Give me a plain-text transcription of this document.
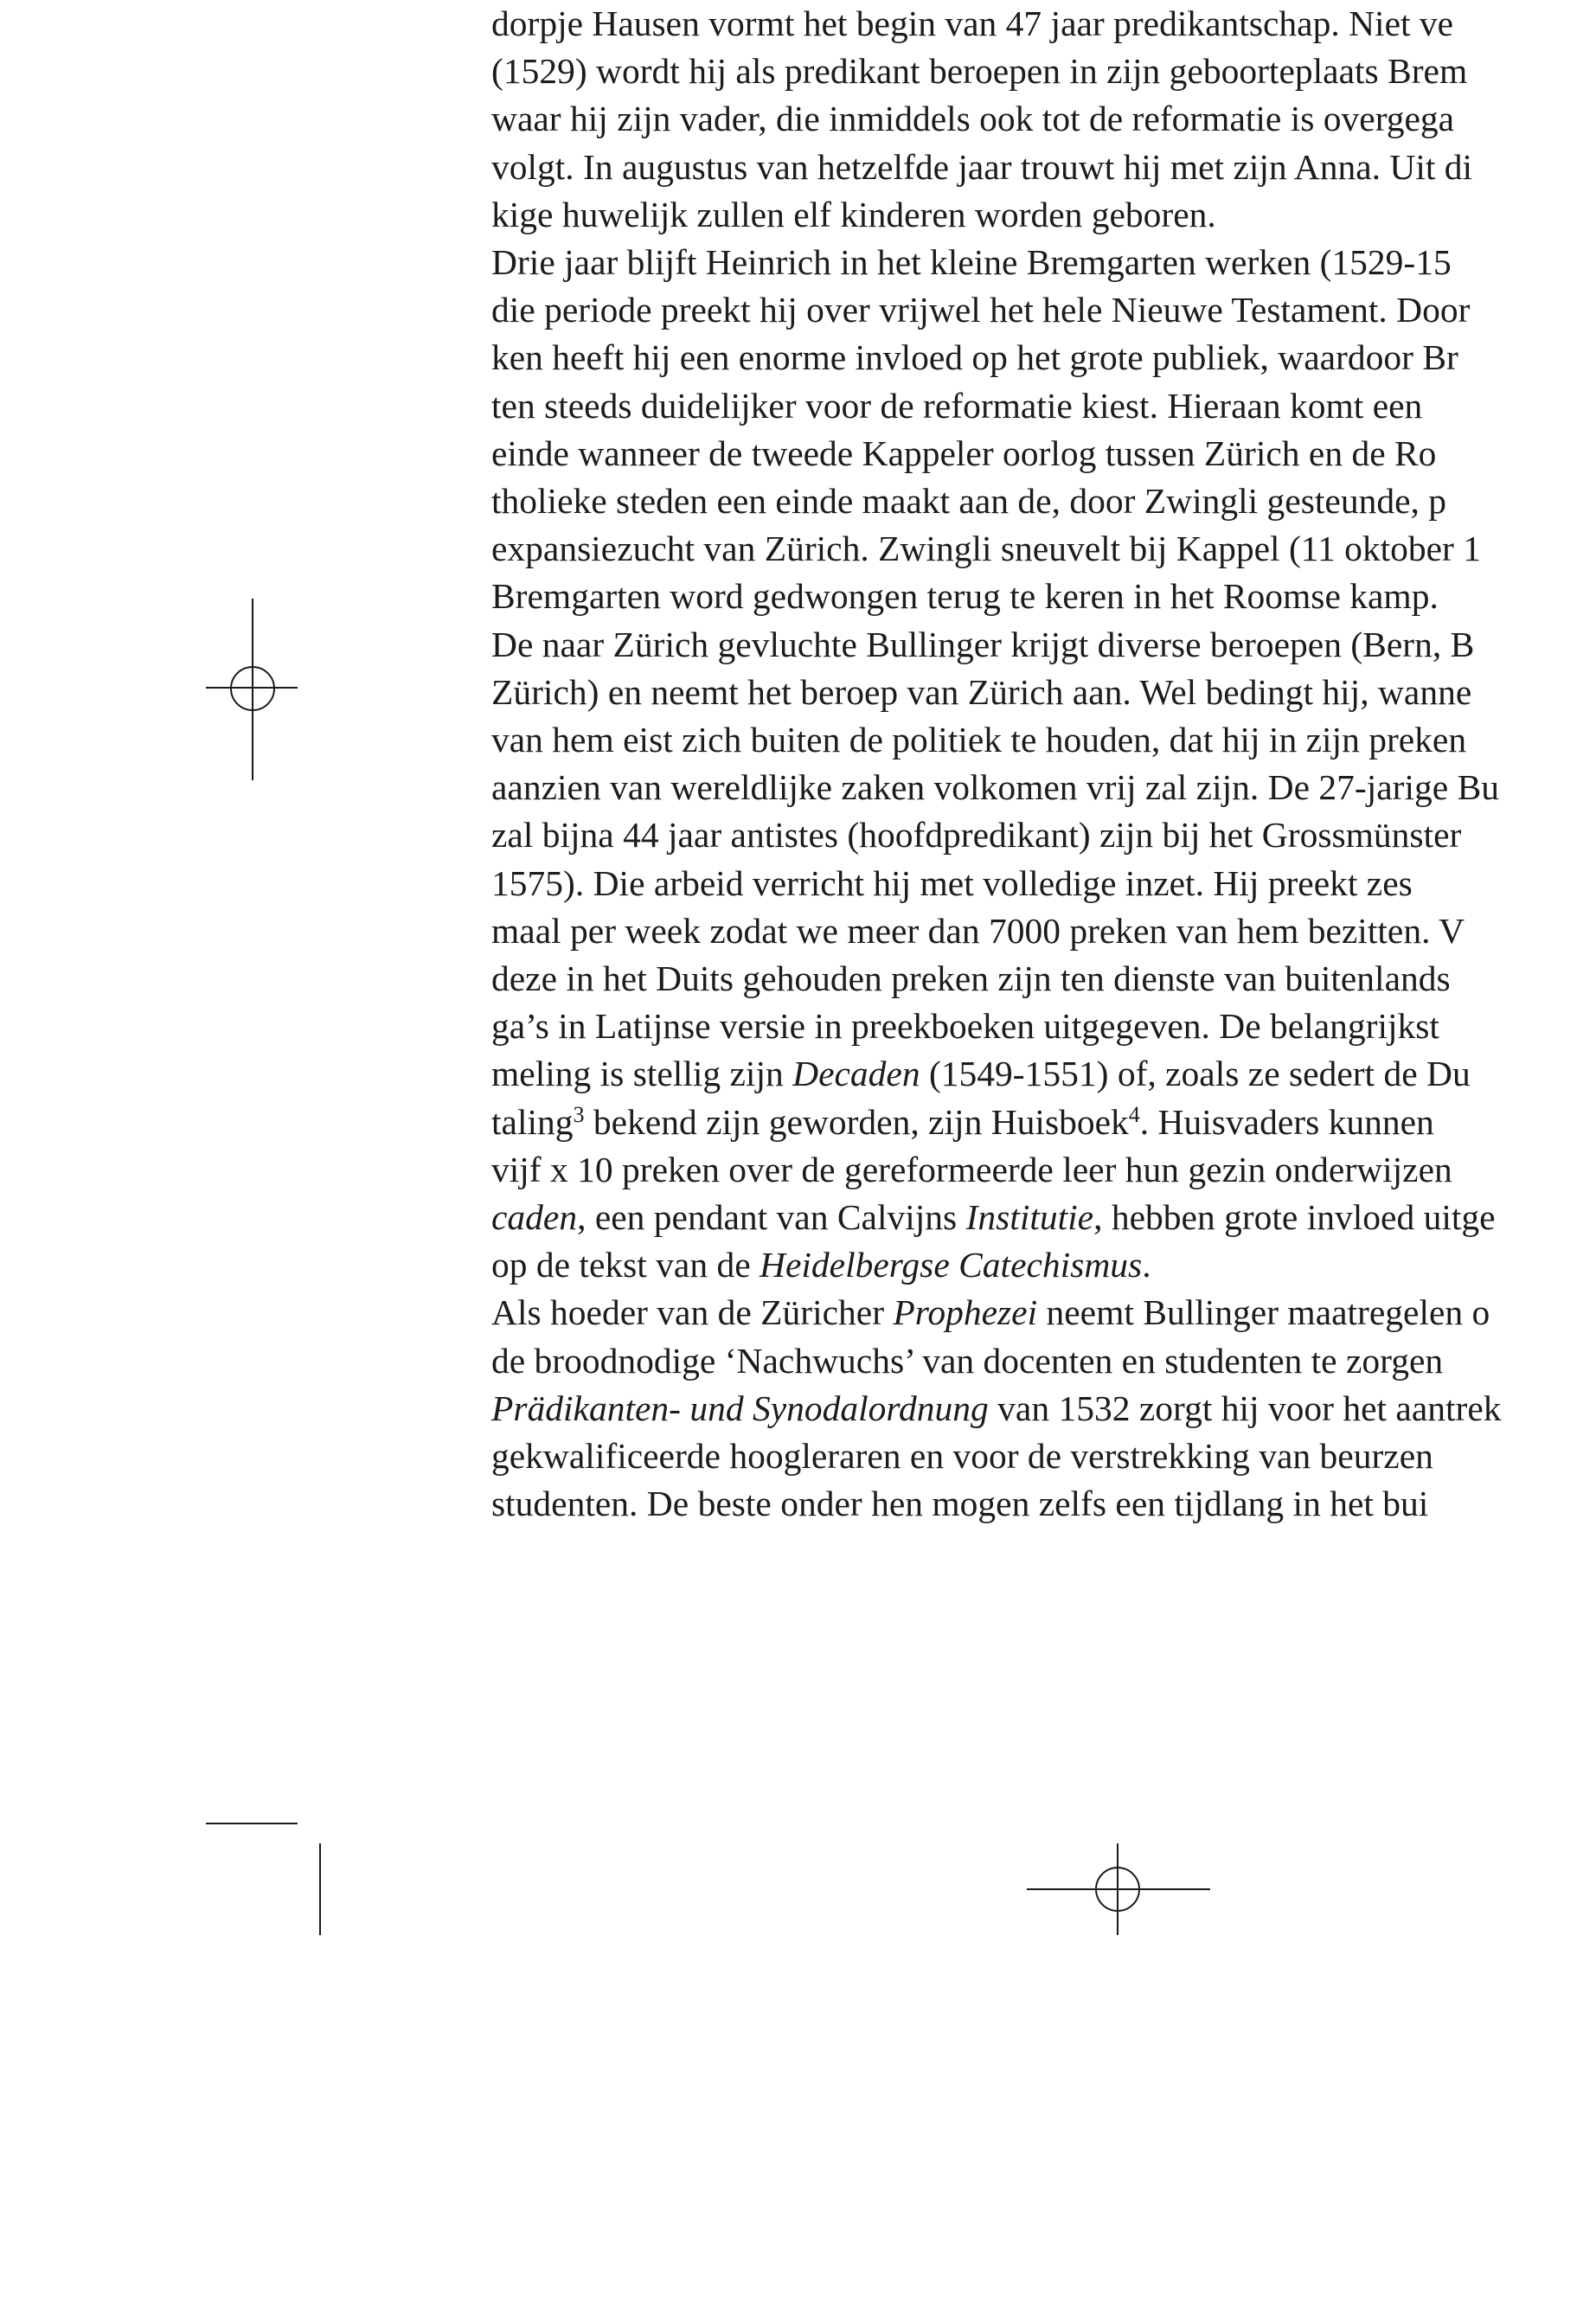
dorpje Hausen vormt het begin van 47 jaar predikantschap. Niet ve
(1529) wordt hij als predikant beroepen in zijn geboorteplaats Brem
waar hij zijn vader, die inmiddels ook tot de reformatie is overgega
volgt. In augustus van hetzelfde jaar trouwt hij met zijn Anna. Uit di
kige huwelijk zullen elf kinderen worden geboren.
Drie jaar blijft Heinrich in het kleine Bremgarten werken (1529-15
die periode preekt hij over vrijwel het hele Nieuwe Testament. Door
ken heeft hij een enorme invloed op het grote publiek, waardoor Br
ten steeds duidelijker voor de reformatie kiest. Hieraan komt een
einde wanneer de tweede Kappeler oorlog tussen Zürich en de Ro
tholieke steden een einde maakt aan de, door Zwingli gesteunde, p
expansiezucht van Zürich. Zwingli sneuvelt bij Kappel (11 oktober 1
Bremgarten word gedwongen terug te keren in het Roomse kamp.
De naar Zürich gevluchte Bullinger krijgt diverse beroepen (Bern, B
Zürich) en neemt het beroep van Zürich aan. Wel bedingt hij, wanne
van hem eist zich buiten de politiek te houden, dat hij in zijn preken
aanzien van wereldlijke zaken volkomen vrij zal zijn. De 27-jarige Bu
zal bijna 44 jaar antistes (hoofdpredikant) zijn bij het Grossmünster
1575). Die arbeid verricht hij met volledige inzet. Hij preekt zes
maal per week zodat we meer dan 7000 preken van hem bezitten. V
deze in het Duits gehouden preken zijn ten dienste van buitenlands
ga’s in Latijnse versie in preekboeken uitgegeven. De belangrijkst
meling is stellig zijn Decaden (1549-1551) of, zoals ze sedert de Du
taling$^3$ bekend zijn geworden, zijn Huisboek$^4$. Huisvaders kunnen
vijf x 10 preken over de gereformeerde leer hun gezin onderwijzen
caden, een pendant van Calvijns Institutie, hebben grote invloed uitge
op de tekst van de Heidelbergse Catechismus.
Als hoeder van de Züricher Prophezei neemt Bullinger maatregelen o
de broodnodige ‘Nachwuchs’ van docenten en studenten te zorgen
Prädikanten- und Synodalordnung van 1532 zorgt hij voor het aantrek
gekwalificeerde hoogleraren en voor de verstrekking van beurzen
studenten. De beste onder hen mogen zelfs een tijdlang in het bui
